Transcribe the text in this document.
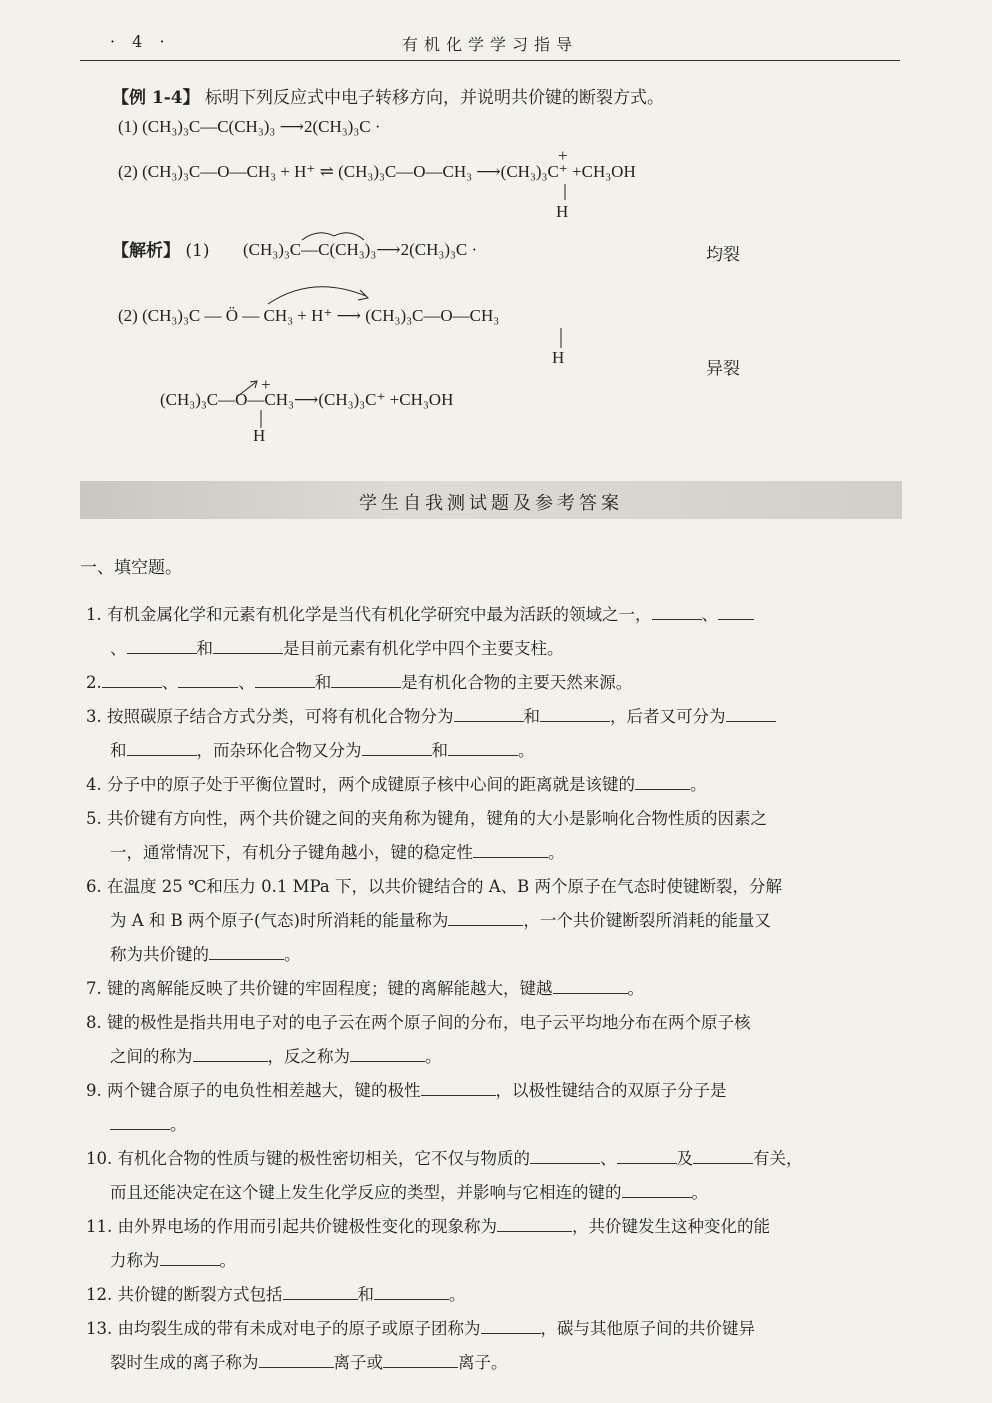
· 4 ·	有机化学学习指导
【例 1-4】 标明下列反应式中电子转移方向，并说明共价键的断裂方式。
(1) (CH₃)₃C—C(CH₃)₃ ⟶2(CH₃)₃C ·
(2) (CH₃)₃C—O—CH₃ + H⁺ ⇌ (CH₃)₃C—O—CH₃ ⟶(CH₃)₃C⁺ +CH₃OH
+
H
【解析】 (1) (CH₃)₃C—C(CH₃)₃⟶2(CH₃)₃C ·	均裂
(2) (CH₃)₃C — Ö — CH₃ + H⁺ ⟶ (CH₃)₃C—O—CH₃
H
异裂
(CH₃)₃C—O—CH₃⟶(CH₃)₃C⁺ +CH₃OH
+
H
学生自我测试题及参考答案
一、填空题。

1. 有机金属化学和元素有机化学是当代有机化学研究中最为活跃的领域之一，	、

、	和	是目前元素有机化学中四个主要支柱。

2.	、	、	和	是有机化合物的主要天然来源。

3. 按照碳原子结合方式分类，可将有机化合物分为	和	，后者又可分为

和	，而杂环化合物又分为	和	。

4. 分子中的原子处于平衡位置时，两个成键原子核中心间的距离就是该键的	。

5. 共价键有方向性，两个共价键之间的夹角称为键角，键角的大小是影响化合物性质的因素之

一，通常情况下，有机分子键角越小，键的稳定性	。

6. 在温度 25 ℃和压力 0.1 MPa 下，以共价键结合的 A、B 两个原子在气态时使键断裂，分解

为 A 和 B 两个原子(气态)时所消耗的能量称为	，一个共价键断裂所消耗的能量又

称为共价键的	。

7. 键的离解能反映了共价键的牢固程度；键的离解能越大，键越	。

8. 键的极性是指共用电子对的电子云在两个原子间的分布，电子云平均地分布在两个原子核

之间的称为	，反之称为	。

9. 两个键合原子的电负性相差越大，键的极性	，以极性键结合的双原子分子是

。

10. 有机化合物的性质与键的极性密切相关，它不仅与物质的	、	及	有关，

而且还能决定在这个键上发生化学反应的类型，并影响与它相连的键的	。

11. 由外界电场的作用而引起共价键极性变化的现象称为	，共价键发生这种变化的能

力称为	。

12. 共价键的断裂方式包括	和	。

13. 由均裂生成的带有未成对电子的原子或原子团称为	，碳与其他原子间的共价键异

裂时生成的离子称为	离子或	离子。
